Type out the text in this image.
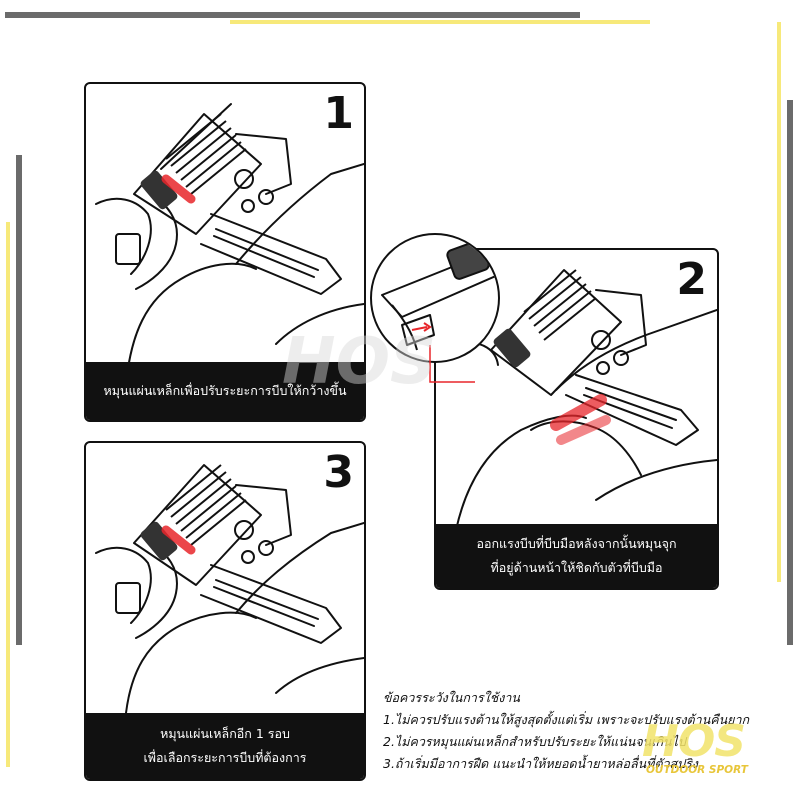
1
หมุนแผ่นเหล็กเพื่อปรับระยะการบีบให้กว้างขึ้น
2
ออกแรงบีบที่บีบมือหลังจากนั้นหมุนจุก
ที่อยู่ด้านหน้าให้ชิดกับตัวที่บีบมือ
3
หมุนแผ่นเหล็กอีก 1 รอบ
เพื่อเลือกระยะการบีบที่ต้องการ
HOS
ข้อควรระวังในการใช้งาน
1.ไม่ควรปรับแรงต้านให้สูงสุดตั้งแต่เริ่ม เพราะจะปรับแรงต้านคืนยาก
2.ไม่ควรหมุนแผ่นเหล็กสำหรับปรับระยะให้แน่นจนเกินไป
3.ถ้าเริ่มมีอาการฝืด แนะนำให้หยอดน้ำยาหล่อลื่นที่ตัวสปริง
HOS
OUTDOOR SPORT
